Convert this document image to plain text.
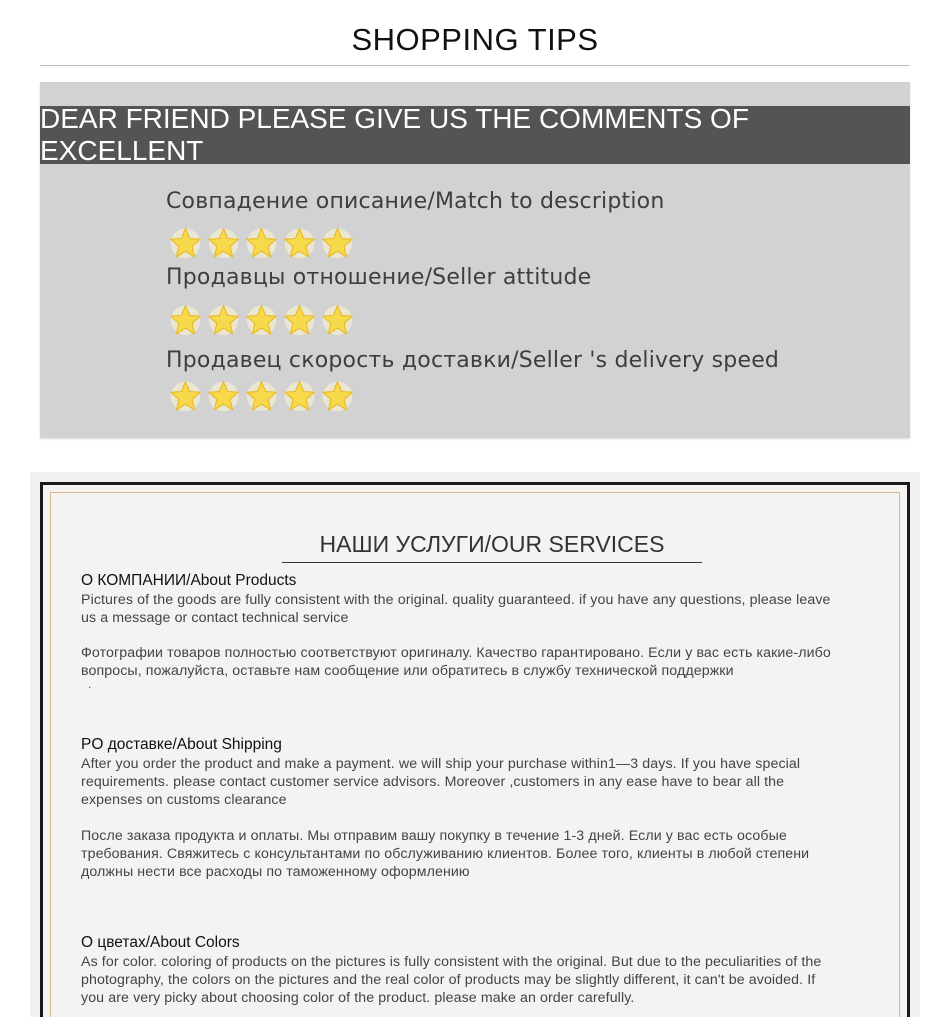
SHOPPING TIPS
DEAR FRIEND PLEASE GIVE US THE COMMENTS OF EXCELLENT
Совпадение описание/Match to description
Продавцы отношение/Seller attitude
Продавец скорость доставки/Seller 's delivery speed
НАШИ УСЛУГИ/OUR SERVICES
О КОМПАНИИ/About Products
Pictures of the goods are fully consistent with the original. quality guaranteed. if you have any questions, please leave
us a message or contact technical service
Фотографии товаров полностью соответствуют оригиналу. Качество гарантировано. Если у вас есть какие-либо
вопросы, пожалуйста, оставьте нам сообщение или обратитесь в службу технической поддержки
.
PO доставке/About Shipping
After you order the product and make a payment. we will ship your purchase within1—3 days. If you have special
requirements. please contact customer service advisors. Moreover ,customers in any ease have to bear all the
expenses on customs clearance
После заказа продукта и оплаты. Мы отправим вашу покупку в течение 1-3 дней. Если у вас есть особые
требования. Свяжитесь с консультантами по обслуживанию клиентов. Более того, клиенты в любой степени
должны нести все расходы по таможенному оформлению
О цветах/About Colors
As for color. coloring of products on the pictures is fully consistent with the original. But due to the peculiarities of the
photography, the colors on the pictures and the real color of products may be slightly different, it can't be avoided. If
you are very picky about choosing color of the product. please make an order carefully.
